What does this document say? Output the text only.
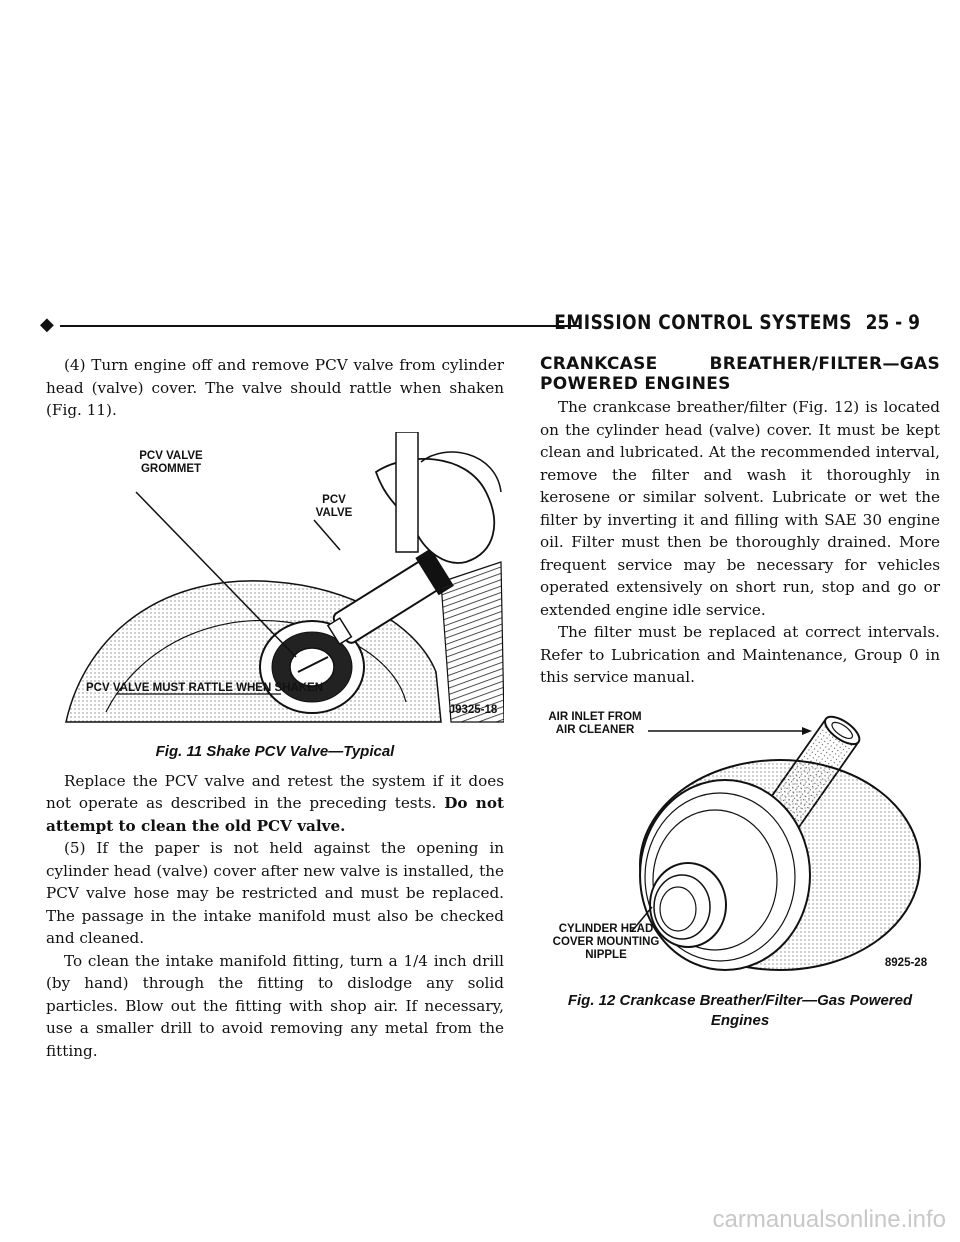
◆	EMISSION CONTROL SYSTEMS 25 - 9

(4) Turn engine off and remove PCV valve from cylinder head (valve) cover. The valve should rattle when shaken (Fig. 11).

PCV VALVE GROMMET
PCV VALVE
PCV VALVE MUST RATTLE WHEN SHAKEN
J9325-18
Fig. 11 Shake PCV Valve—Typical

Replace the PCV valve and retest the system if it does not operate as described in the preceding tests. Do not attempt to clean the old PCV valve.

(5) If the paper is not held against the opening in cylinder head (valve) cover after new valve is installed, the PCV valve hose may be restricted and must be replaced. The passage in the intake manifold must also be checked and cleaned.

To clean the intake manifold fitting, turn a 1/4 inch drill (by hand) through the fitting to dislodge any solid particles. Blow out the fitting with shop air. If necessary, use a smaller drill to avoid removing any metal from the fitting.

CRANKCASE BREATHER/FILTER—GAS POWERED ENGINES

The crankcase breather/filter (Fig. 12) is located on the cylinder head (valve) cover. It must be kept clean and lubricated. At the recommended interval, remove the filter and wash it thoroughly in kerosene or similar solvent. Lubricate or wet the filter by inverting it and filling with SAE 30 engine oil. Filter must then be thoroughly drained. More frequent service may be necessary for vehicles operated extensively on short run, stop and go or extended engine idle service.

The filter must be replaced at correct intervals. Refer to Lubrication and Maintenance, Group 0 in this service manual.

AIR INLET FROM AIR CLEANER
CYLINDER HEAD COVER MOUNTING NIPPLE
8925-28
Fig. 12 Crankcase Breather/Filter—Gas Powered Engines
carmanualsonline.info
